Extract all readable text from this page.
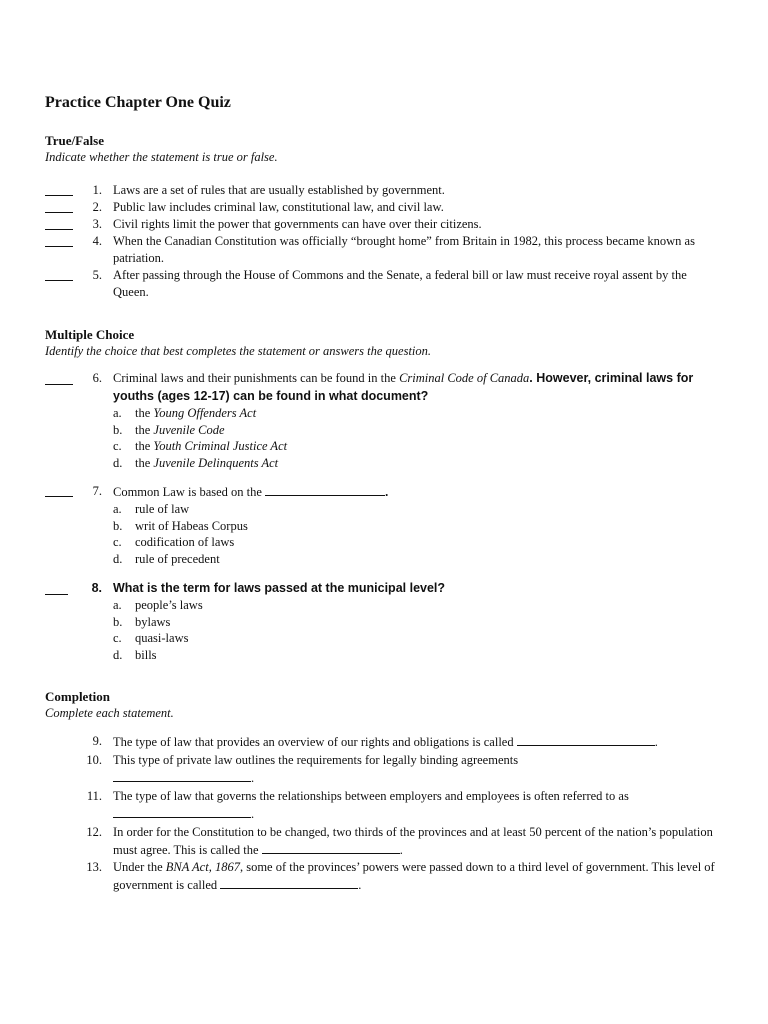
Practice Chapter One Quiz
True/False
Indicate whether the statement is true or false.
1. Laws are a set of rules that are usually established by government.
2. Public law includes criminal law, constitutional law, and civil law.
3. Civil rights limit the power that governments can have over their citizens.
4. When the Canadian Constitution was officially “brought home” from Britain in 1982, this process became known as patriation.
5. After passing through the House of Commons and the Senate, a federal bill or law must receive royal assent by the Queen.
Multiple Choice
Identify the choice that best completes the statement or answers the question.
6. Criminal laws and their punishments can be found in the Criminal Code of Canada. However, criminal laws for youths (ages 12-17) can be found in what document?
a. the Young Offenders Act
b. the Juvenile Code
c. the Youth Criminal Justice Act
d. the Juvenile Delinquents Act
7. Common Law is based on the	.
a. rule of law
b. writ of Habeas Corpus
c. codification of laws
d. rule of precedent
8. What is the term for laws passed at the municipal level?
a. people’s laws
b. bylaws
c. quasi-laws
d. bills
Completion
Complete each statement.
9. The type of law that provides an overview of our rights and obligations is called	.
10. This type of private law outlines the requirements for legally binding agreements
.
11. The type of law that governs the relationships between employers and employees is often referred to as
.
12. In order for the Constitution to be changed, two thirds of the provinces and at least 50 percent of the nation’s population must agree. This is called the	.
13. Under the BNA Act, 1867, some of the provinces’ powers were passed down to a third level of government. This level of government is called	.
